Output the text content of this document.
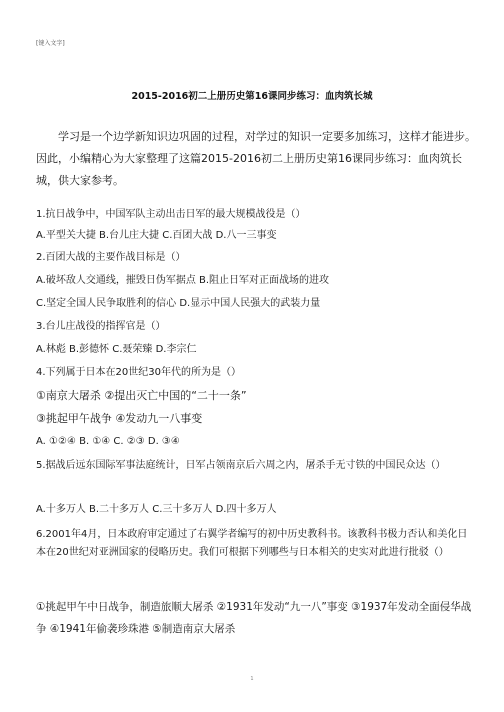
[键入文字]
2015-2016初二上册历史第16课同步练习：血肉筑长城
学习是一个边学新知识边巩固的过程，对学过的知识一定要多加练习，这样才能进步。因此，小编精心为大家整理了这篇2015-2016初二上册历史第16课同步练习：血肉筑长城，供大家参考。
1.抗日战争中，中国军队主动出击日军的最大规模战役是（）
A.平型关大捷 B.台儿庄大捷 C.百团大战 D.八一三事变
2.百团大战的主要作战目标是（）
A.破坏敌人交通线，摧毁日伪军据点 B.阻止日军对正面战场的进攻
C.坚定全国人民争取胜利的信心 D.显示中国人民强大的武装力量
3.台儿庄战役的指挥官是（）
A.林彪 B.彭德怀 C.聂荣臻 D.李宗仁
4.下列属于日本在20世纪30年代的所为是（）
①南京大屠杀 ②提出灭亡中国的“二十一条”
③挑起甲午战争 ④发动九一八事变
A. ①②④ B. ①④ C. ②③ D. ③④
5.据战后远东国际军事法庭统计，日军占领南京后六周之内，屠杀手无寸铁的中国民众达（）
A.十多万人 B.二十多万人 C.三十多万人 D.四十多万人
6.2001年4月，日本政府审定通过了右翼学者编写的初中历史教科书。该教科书极力否认和美化日本在20世纪对亚洲国家的侵略历史。我们可根据下列哪些与日本相关的史实对此进行批驳（）
①挑起甲午中日战争，制造旅顺大屠杀 ②1931年发动“九一八”事变 ③1937年发动全面侵华战争 ④1941年偷袭珍珠港 ⑤制造南京大屠杀
1
